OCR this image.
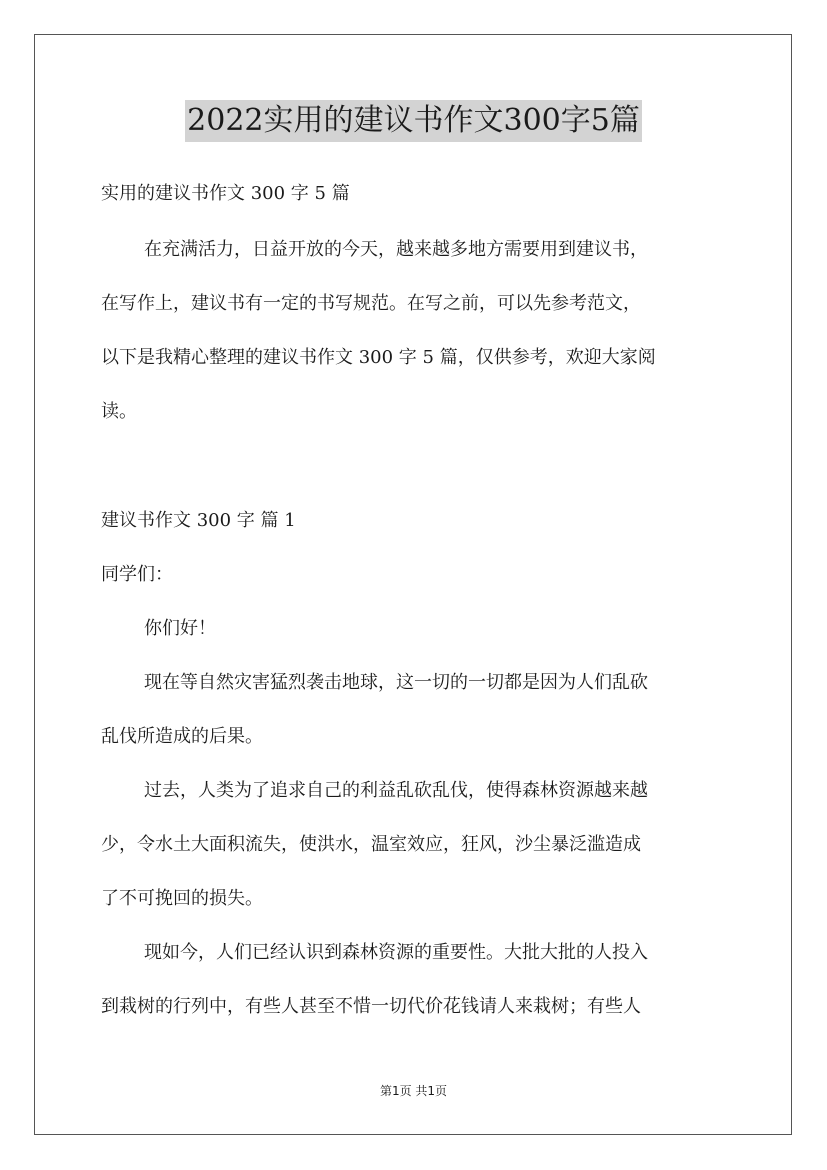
2022实用的建议书作文300字5篇
实用的建议书作文 300 字 5 篇
在充满活力，日益开放的今天，越来越多地方需要用到建议书，
在写作上，建议书有一定的书写规范。在写之前，可以先参考范文，
以下是我精心整理的建议书作文 300 字 5 篇，仅供参考，欢迎大家阅
读。
建议书作文 300 字 篇 1
同学们：
你们好！
现在等自然灾害猛烈袭击地球，这一切的一切都是因为人们乱砍
乱伐所造成的后果。
过去，人类为了追求自己的利益乱砍乱伐，使得森林资源越来越
少，令水土大面积流失，使洪水，温室效应，狂风，沙尘暴泛滥造成
了不可挽回的损失。
现如今，人们已经认识到森林资源的重要性。大批大批的人投入
到栽树的行列中，有些人甚至不惜一切代价花钱请人来栽树；有些人
第1页 共1页
